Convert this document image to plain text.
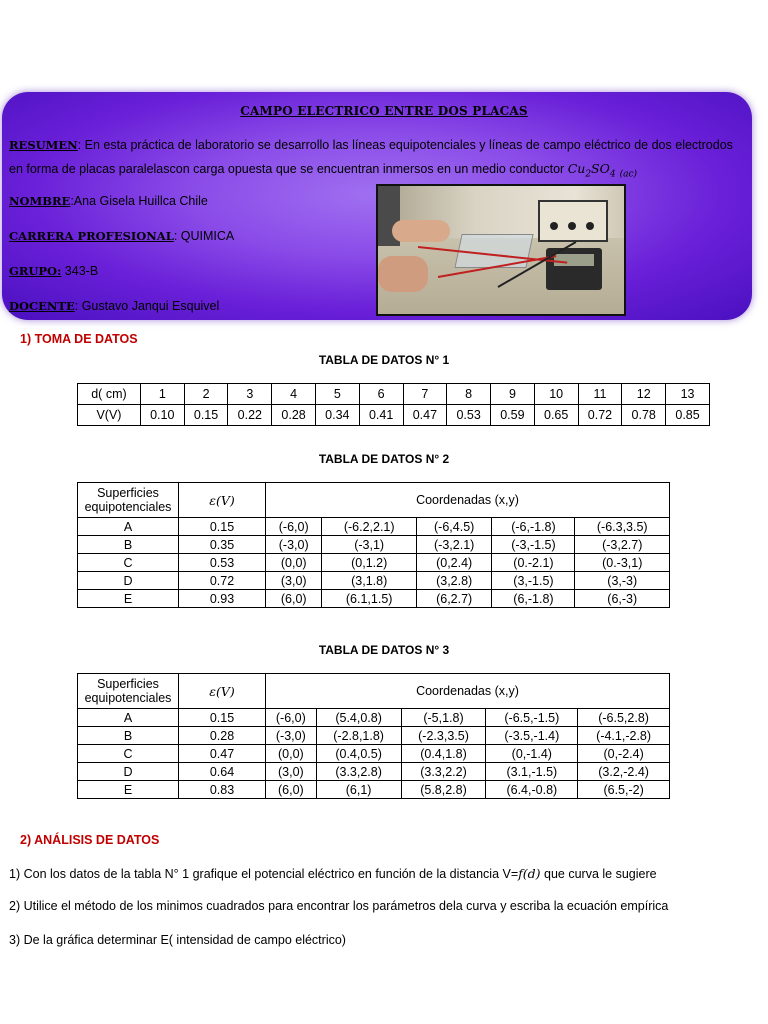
CAMPO ELECTRICO ENTRE DOS PLACAS
RESUMEN: En esta práctica de laboratorio se desarrollo las líneas equipotenciales y líneas de campo eléctrico de dos electrodos en forma de placas paralelascon carga opuesta que se encuentran inmersos en un medio conductor $Cu_2SO_4$ $_{(ac)}$
NOMBRE:Ana Gisela Huillca Chile
CARRERA PROFESIONAL: QUIMICA
GRUPO: 343-B
DOCENTE: Gustavo Janqui Esquivel
1) TOMA DE DATOS
TABLA DE DATOS N° 1
d( cm)	1	2	3	4	5	6	7	8	9	10	11	12	13
V(V)	0.10	0.15	0.22	0.28	0.34	0.41	0.47	0.53	0.59	0.65	0.72	0.78	0.85
TABLA DE DATOS N° 2
Superficies
equipotenciales	ε(V)	Coordenadas (x,y)				
A	0.15	(-6,0)	(-6.2,2.1)	(-6,4.5)	(-6,-1.8)	(-6.3,3.5)
B	0.35	(-3,0)	(-3,1)	(-3,2.1)	(-3,-1.5)	(-3,2.7)
C	0.53	(0,0)	(0,1.2)	(0,2.4)	(0.-2.1)	(0.-3,1)
D	0.72	(3,0)	(3,1.8)	(3,2.8)	(3,-1.5)	(3,-3)
E	0.93	(6,0)	(6.1,1.5)	(6,2.7)	(6,-1.8)	(6,-3)
TABLA DE DATOS N° 3
Superficies
equipotenciales	ε(V)	Coordenadas (x,y)				
A	0.15	(-6,0)	(5.4,0.8)	(-5,1.8)	(-6.5,-1.5)	(-6.5,2.8)
B	0.28	(-3,0)	(-2.8,1.8)	(-2.3,3.5)	(-3.5,-1.4)	(-4.1,-2.8)
C	0.47	(0,0)	(0.4,0.5)	(0.4,1.8)	(0,-1.4)	(0,-2.4)
D	0.64	(3,0)	(3.3,2.8)	(3.3,2.2)	(3.1,-1.5)	(3.2,-2.4)
E	0.83	(6,0)	(6,1)	(5.8,2.8)	(6.4,-0.8)	(6.5,-2)
2) ANÁLISIS DE DATOS
1) Con los datos de la tabla N° 1 grafique el potencial eléctrico en función de la distancia V=f(d) que curva le sugiere
2) Utilice el método de los minimos cuadrados para encontrar los parámetros dela curva y escriba la ecuación empírica
3) De la gráfica determinar E( intensidad de campo eléctrico)
